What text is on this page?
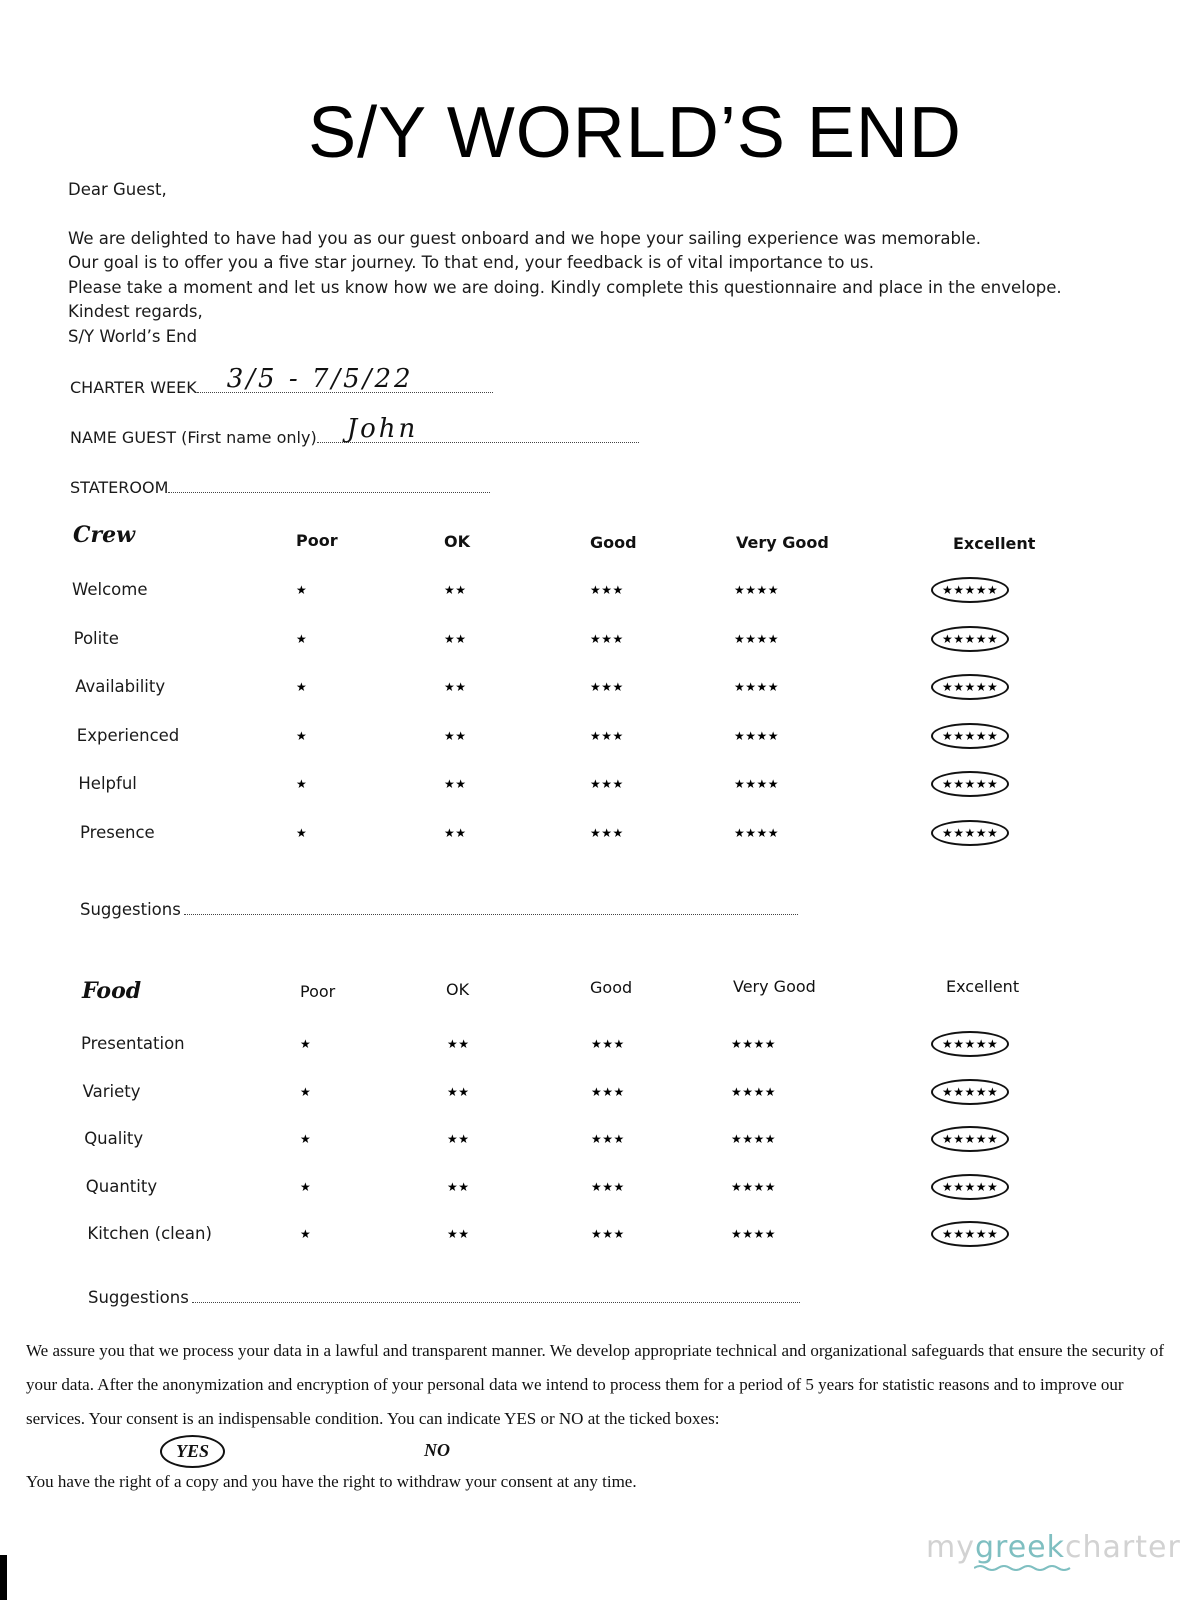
S/Y WORLD’S END
Dear Guest,
We are delighted to have had you as our guest onboard and we hope your sailing experience was memorable.
Our goal is to offer you a five star journey. To that end, your feedback is of vital importance to us.
Please take a moment and let us know how we are doing. Kindly complete this questionnaire and place in the envelope.
Kindest regards,
S/Y World’s End
CHARTER WEEK 3/5 - 7/5/22
NAME GUEST (First name only) John
STATEROOM
Crew	Poor	OK	Good	Very Good	Excellent
Welcome	★	★★	★★★	★★★★	★★★★★
Polite	★	★★	★★★	★★★★	★★★★★
Availability	★	★★	★★★	★★★★	★★★★★
Experienced	★	★★	★★★	★★★★	★★★★★
Helpful	★	★★	★★★	★★★★	★★★★★
Presence	★	★★	★★★	★★★★	★★★★★
Suggestions
Food	Poor	OK	Good	Very Good	Excellent
Presentation	★	★★	★★★	★★★★	★★★★★
Variety	★	★★	★★★	★★★★	★★★★★
Quality	★	★★	★★★	★★★★	★★★★★
Quantity	★	★★	★★★	★★★★	★★★★★
Kitchen (clean)	★	★★	★★★	★★★★	★★★★★
Suggestions
We assure you that we process your data in a lawful and transparent manner. We develop appropriate technical and organizational safeguards that ensure the security of your data. After the anonymization and encryption of your personal data we intend to process them for a period of 5 years for statistic reasons and to improve our services. Your consent is an indispensable condition. You can indicate YES or NO at the ticked boxes:
YES	NO
You have the right of a copy and you have the right to withdraw your consent at any time.
mygreekcharter
